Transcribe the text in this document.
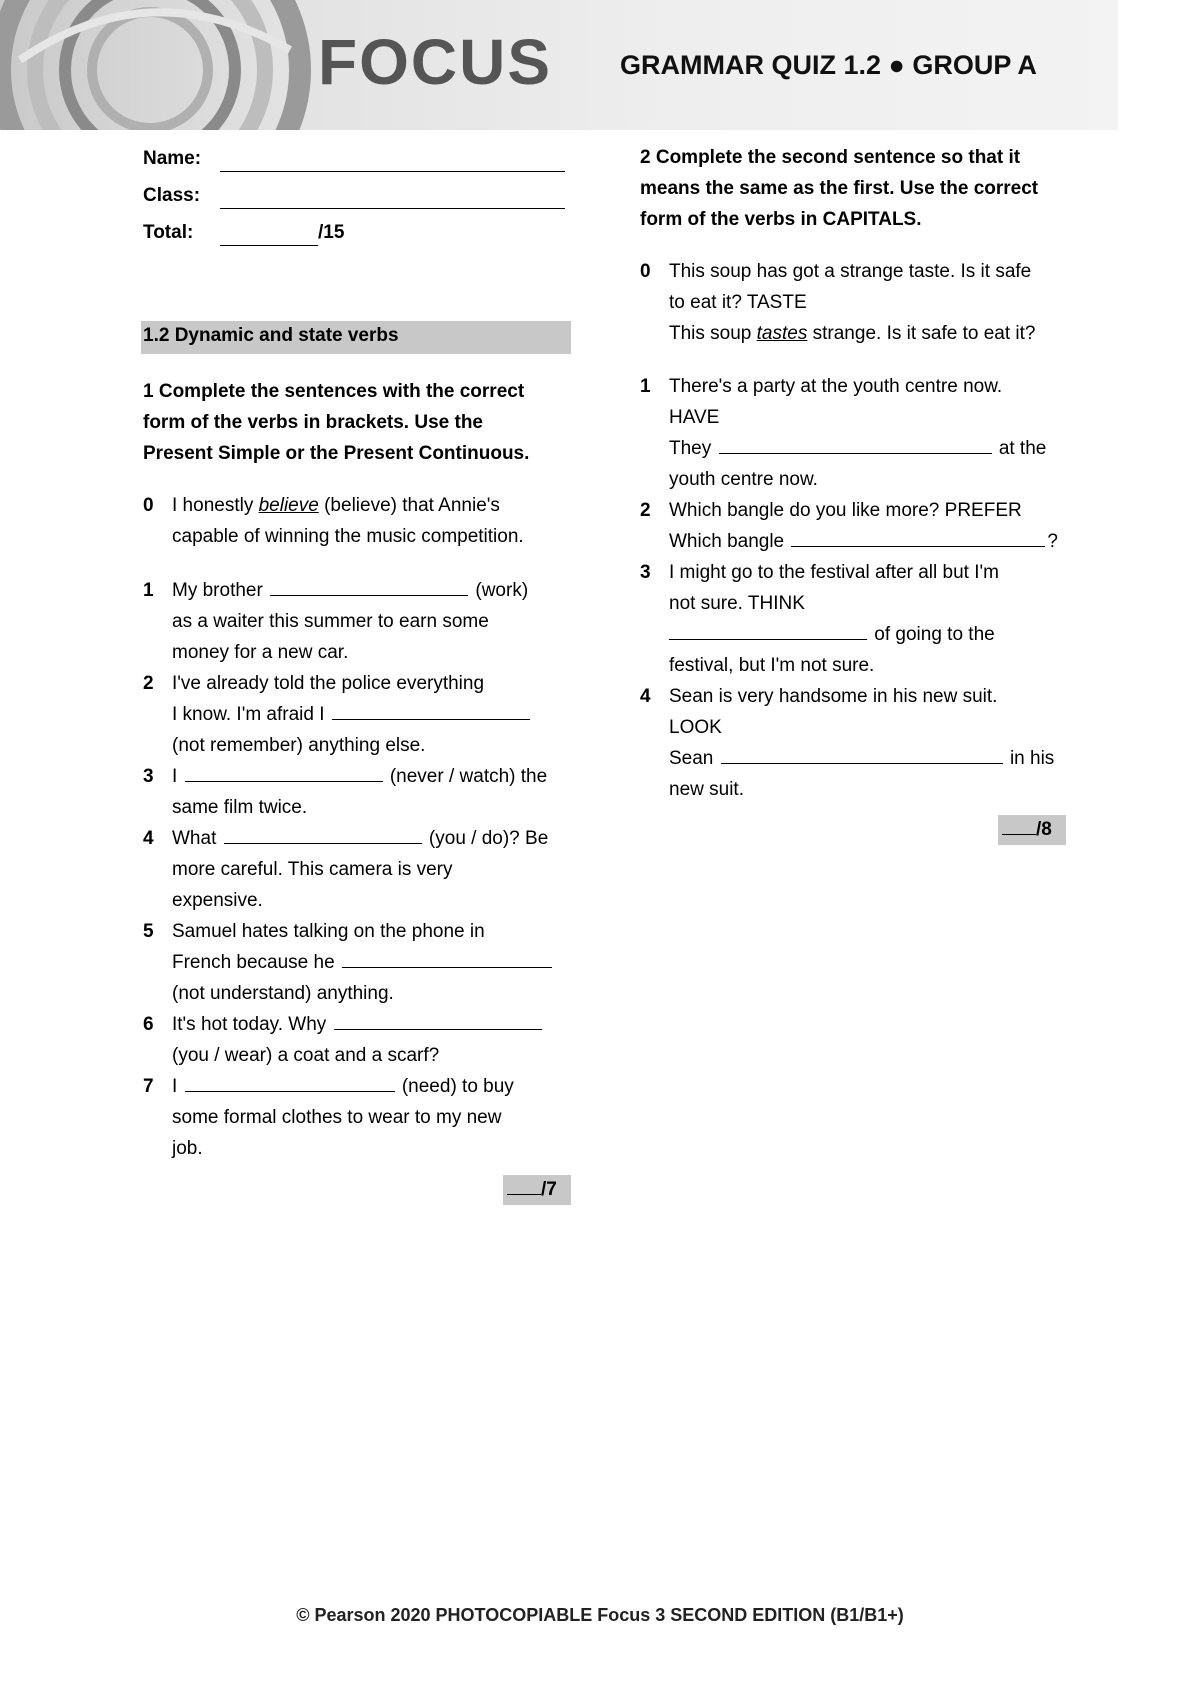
FOCUS	GRAMMAR QUIZ 1.2 ● GROUP A
Name:
Class:
Total:	/15
1.2 Dynamic and state verbs
1 Complete the sentences with the correct
form of the verbs in brackets. Use the
Present Simple or the Present Continuous.
0 I honestly believe (believe) that Annie's
capable of winning the music competition.
1 My brother	(work)
as a waiter this summer to earn some
money for a new car.
2 I've already told the police everything
I know. I'm afraid I
(not remember) anything else.
3 I	(never / watch) the
same film twice.
4 What	(you / do)? Be
more careful. This camera is very
expensive.
5 Samuel hates talking on the phone in
French because he
(not understand) anything.
6 It's hot today. Why
(you / wear) a coat and a scarf?
7 I	(need) to buy
some formal clothes to wear to my new
job.
/7
2 Complete the second sentence so that it
means the same as the first. Use the correct
form of the verbs in CAPITALS.
0 This soup has got a strange taste. Is it safe
to eat it? TASTE
This soup tastes strange. Is it safe to eat it?
1 There's a party at the youth centre now.
HAVE
They	at the
youth centre now.
2 Which bangle do you like more? PREFER
Which bangle	?
3 I might go to the festival after all but I'm
not sure. THINK
of going to the
festival, but I'm not sure.
4 Sean is very handsome in his new suit.
LOOK
Sean	in his
new suit.
/8
© Pearson 2020 PHOTOCOPIABLE Focus 3 SECOND EDITION (B1/B1+)
